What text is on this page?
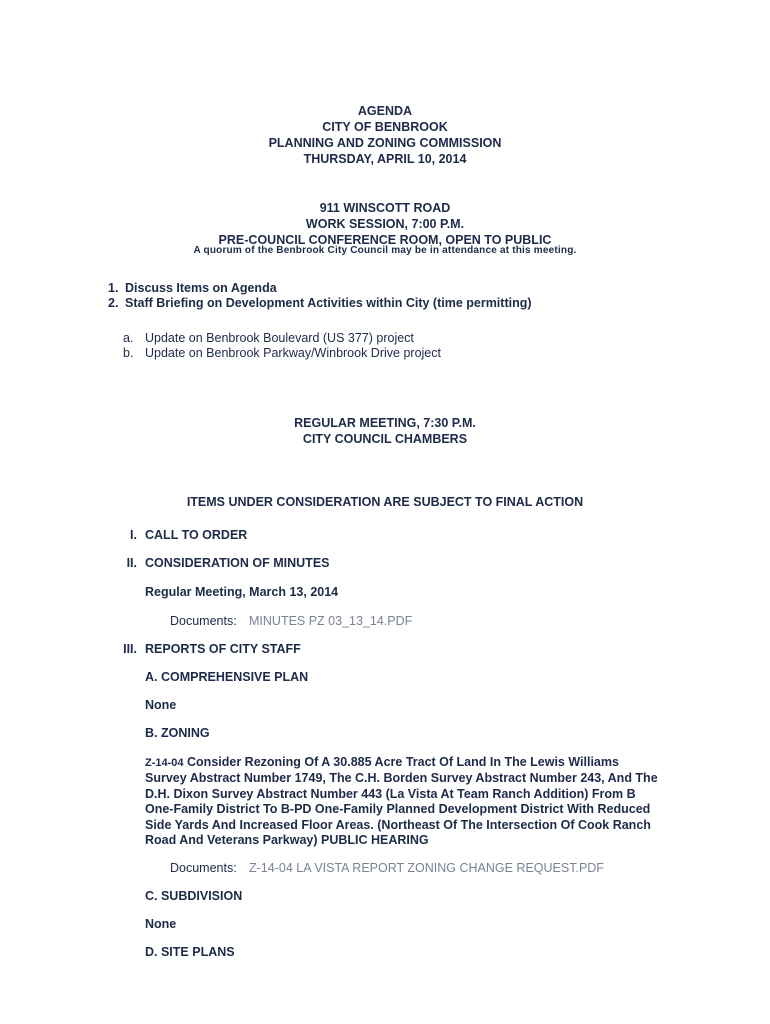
AGENDA
CITY OF BENBROOK
PLANNING AND ZONING COMMISSION
THURSDAY, APRIL 10, 2014
911 WINSCOTT ROAD
WORK SESSION, 7:00 P.M.
PRE-COUNCIL CONFERENCE ROOM, OPEN TO PUBLIC
A quorum of the Benbrook City Council may be in attendance at this meeting.
1. Discuss Items on Agenda
2. Staff Briefing on Development Activities within City (time permitting)
a. Update on Benbrook Boulevard (US 377) project
b. Update on Benbrook Parkway/Winbrook Drive project
REGULAR MEETING, 7:30 P.M.
CITY COUNCIL CHAMBERS
ITEMS UNDER CONSIDERATION ARE SUBJECT TO FINAL ACTION
I. CALL TO ORDER
II. CONSIDERATION OF MINUTES
Regular Meeting, March 13, 2014
Documents: MINUTES PZ 03_13_14.PDF
III. REPORTS OF CITY STAFF
A. COMPREHENSIVE PLAN
None
B. ZONING
Z-14-04 Consider Rezoning Of A 30.885 Acre Tract Of Land In The Lewis Williams
Survey Abstract Number 1749, The C.H. Borden Survey Abstract Number 243, And The
D.H. Dixon Survey Abstract Number 443 (La Vista At Team Ranch Addition) From B
One-Family District To B-PD One-Family Planned Development District With Reduced
Side Yards And Increased Floor Areas. (Northeast Of The Intersection Of Cook Ranch
Road And Veterans Parkway) PUBLIC HEARING
Documents: Z-14-04 LA VISTA REPORT ZONING CHANGE REQUEST.PDF
C. SUBDIVISION
None
D. SITE PLANS
